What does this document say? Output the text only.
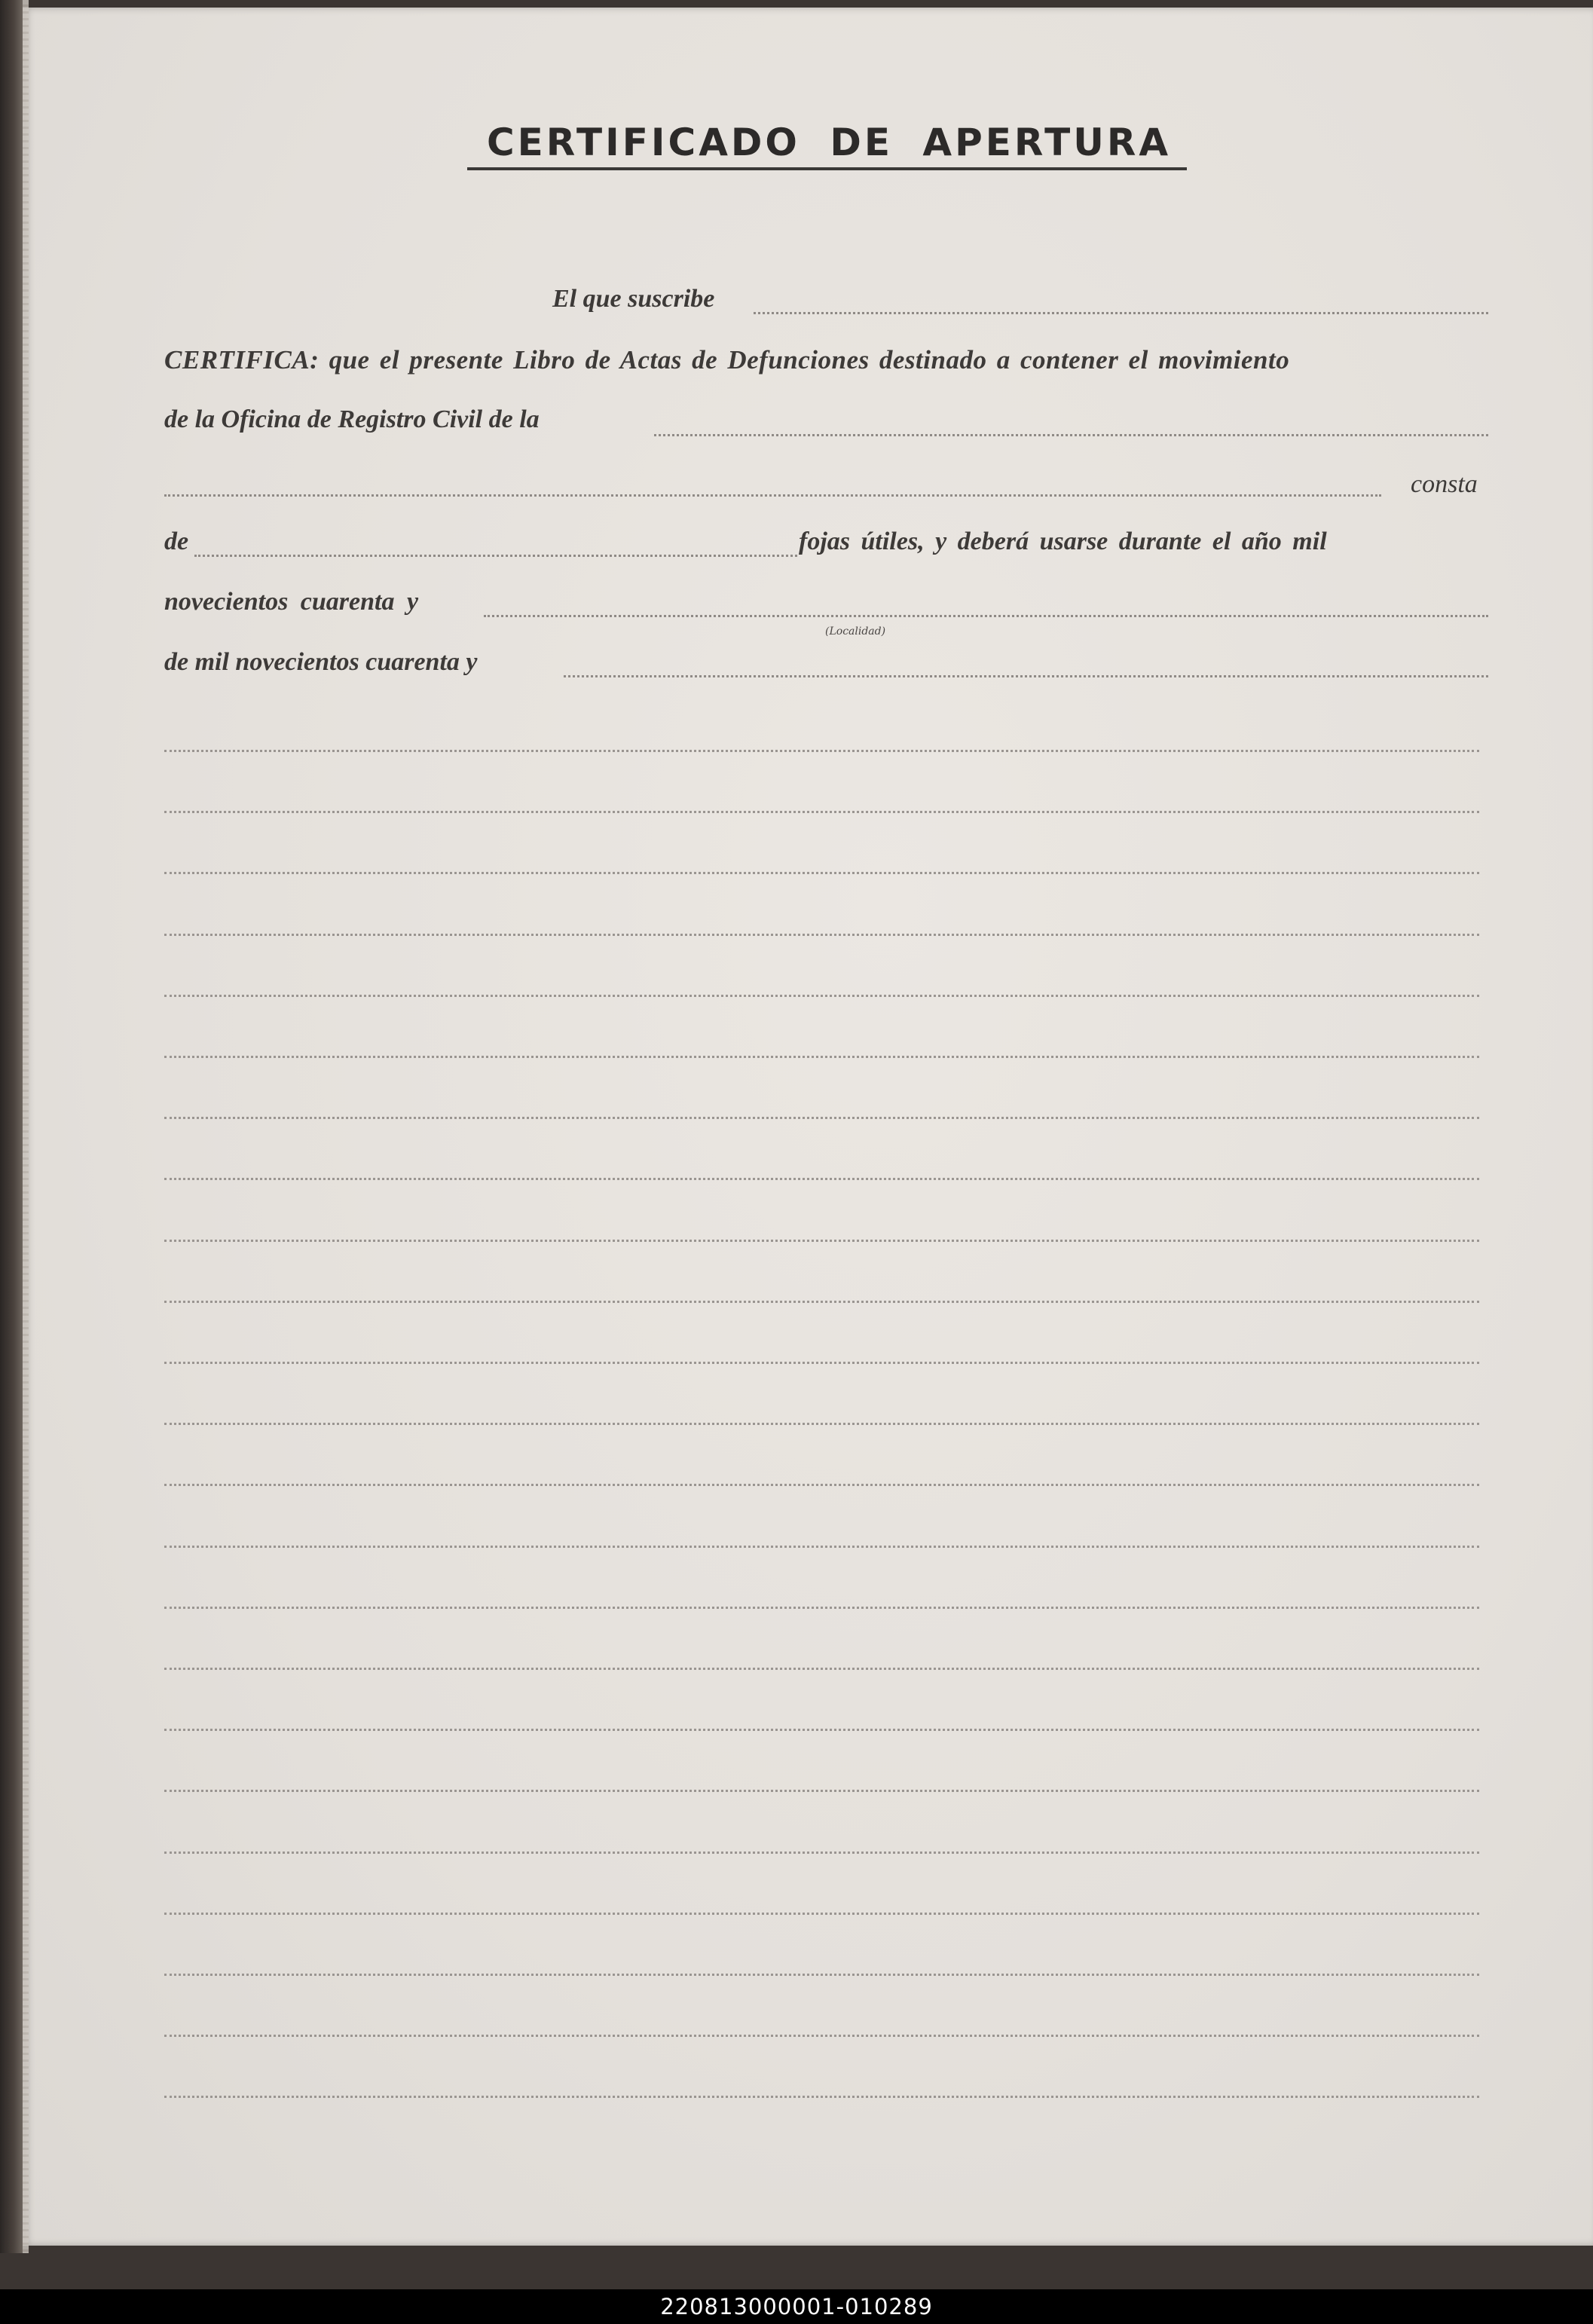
CERTIFICADO DE APERTURA
El que suscribe
CERTIFICA: que el presente Libro de Actas de Defunciones destinado a contener el movimiento
de la Oficina de Registro Civil de la
consta
de	fojas útiles, y deberá usarse durante el año mil
novecientos cuarenta y
(Localidad)
de mil novecientos cuarenta y
220813000001-010289
